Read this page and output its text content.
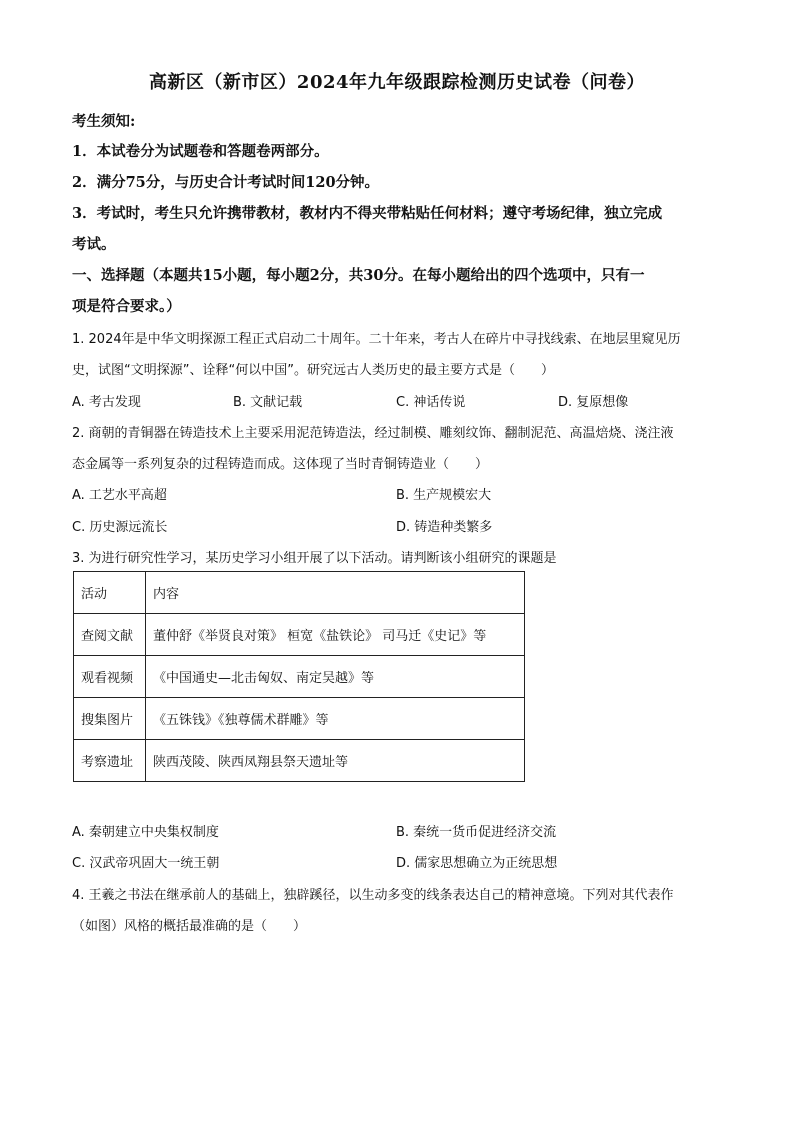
高新区（新市区）2024年九年级跟踪检测历史试卷（问卷）
考生须知:
1．本试卷分为试题卷和答题卷两部分。
2．满分75分，与历史合计考试时间120分钟。
3．考试时，考生只允许携带教材，教材内不得夹带粘贴任何材料；遵守考场纪律，独立完成
考试。
一、选择题（本题共15小题，每小题2分，共30分。在每小题给出的四个选项中，只有一
项是符合要求。）
1. 2024年是中华文明探源工程正式启动二十周年。二十年来，考古人在碎片中寻找线索、在地层里窥见历
史，试图“文明探源”、诠释“何以中国”。研究远古人类历史的最主要方式是（　　）
A. 考古发现	B. 文献记载	C. 神话传说	D. 复原想像
2. 商朝的青铜器在铸造技术上主要采用泥范铸造法，经过制模、雕刻纹饰、翻制泥范、高温焙烧、浇注液
态金属等一系列复杂的过程铸造而成。这体现了当时青铜铸造业（　　）
A. 工艺水平高超	B. 生产规模宏大
C. 历史源远流长	D. 铸造种类繁多
3. 为进行研究性学习，某历史学习小组开展了以下活动。请判断该小组研究的课题是
活动	内容
查阅文献	董仲舒《举贤良对策》 桓宽《盐铁论》 司马迁《史记》等
观看视频	《中国通史—北击匈奴、南定吴越》等
搜集图片	《五铢钱》《独尊儒术群雕》等
考察遗址	陕西茂陵、陕西凤翔县祭天遗址等
A. 秦朝建立中央集权制度	B. 秦统一货币促进经济交流
C. 汉武帝巩固大一统王朝	D. 儒家思想确立为正统思想
4. 王羲之书法在继承前人的基础上，独辟蹊径，以生动多变的线条表达自己的精神意境。下列对其代表作
（如图）风格的概括最准确的是（　　）
